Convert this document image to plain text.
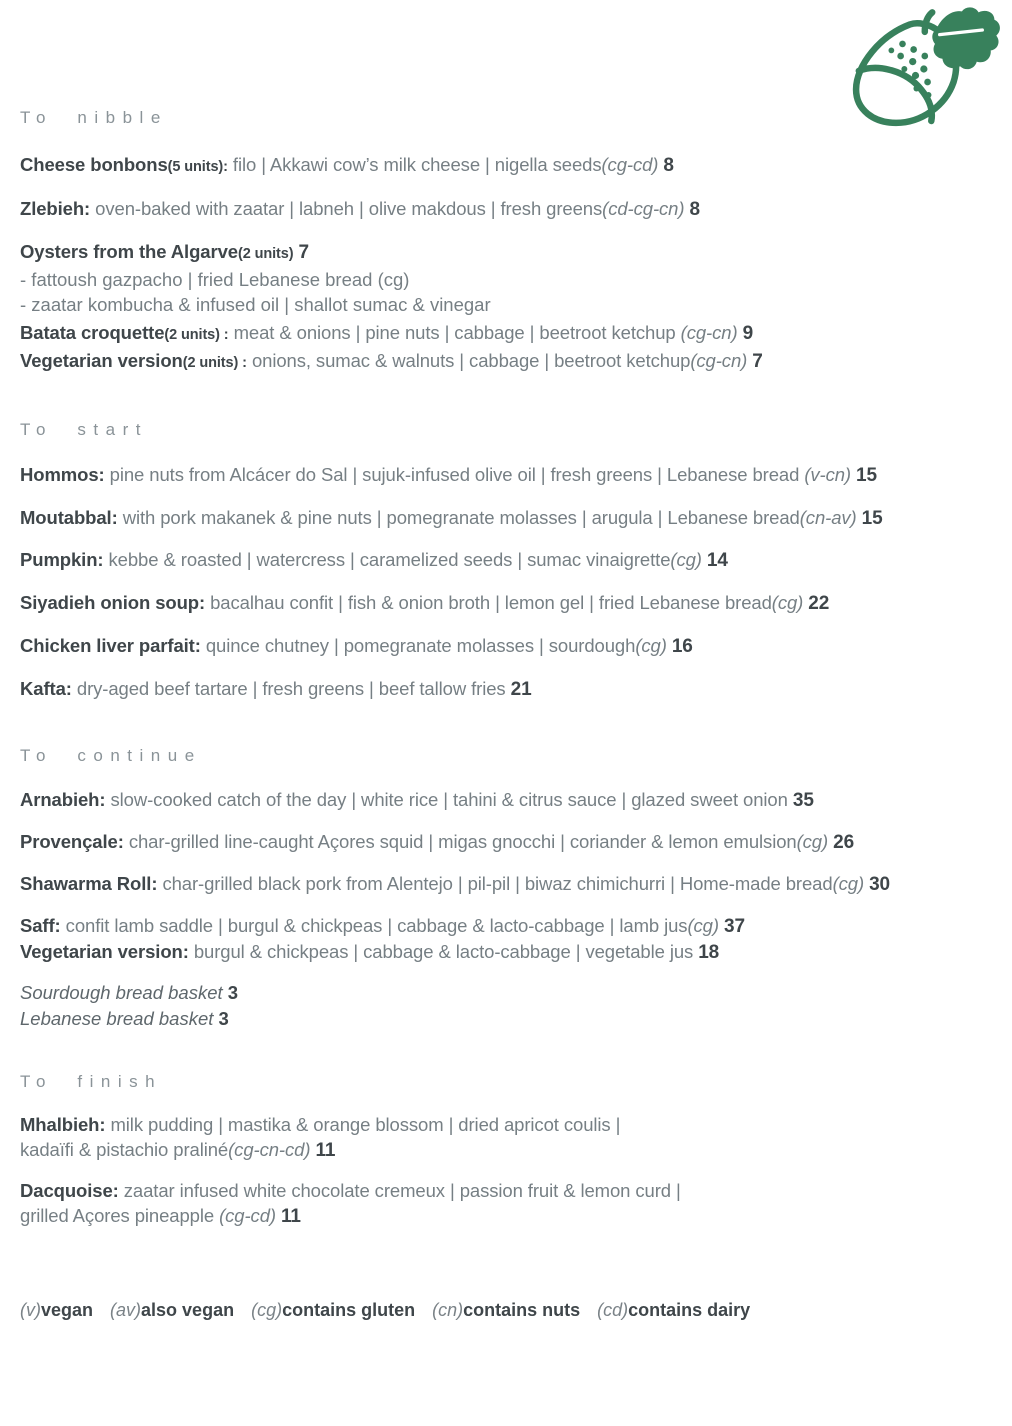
To  nibble
Cheese bonbons(5 units): filo | Akkawi cow’s milk cheese | nigella seeds(cg-cd) 8
Zlebieh: oven-baked with zaatar | labneh | olive makdous | fresh greens(cd-cg-cn) 8
Oysters from the Algarve(2 units) 7
- fattoush gazpacho | fried Lebanese bread (cg)
- zaatar kombucha & infused oil | shallot sumac & vinegar
Batata croquette(2 units) : meat & onions | pine nuts | cabbage | beetroot ketchup (cg-cn) 9
Vegetarian version(2 units) : onions, sumac & walnuts | cabbage | beetroot ketchup(cg-cn) 7
To  start
Hommos: pine nuts from Alcácer do Sal | sujuk-infused olive oil | fresh greens | Lebanese bread (v-cn) 15
Moutabbal: with pork makanek & pine nuts | pomegranate molasses | arugula | Lebanese bread(cn-av) 15
Pumpkin: kebbe & roasted | watercress | caramelized seeds | sumac vinaigrette(cg) 14
Siyadieh onion soup: bacalhau confit | fish & onion broth | lemon gel | fried Lebanese bread(cg) 22
Chicken liver parfait: quince chutney | pomegranate molasses | sourdough(cg) 16
Kafta: dry-aged beef tartare | fresh greens | beef tallow fries 21
To  continue
Arnabieh: slow-cooked catch of the day | white rice | tahini & citrus sauce | glazed sweet onion 35
Provençale: char-grilled line-caught Açores squid | migas gnocchi | coriander & lemon emulsion(cg) 26
Shawarma Roll: char-grilled black pork from Alentejo | pil-pil | biwaz chimichurri | Home-made bread(cg) 30
Saff: confit lamb saddle | burgul & chickpeas | cabbage & lacto-cabbage | lamb jus(cg) 37
Vegetarian version: burgul & chickpeas | cabbage & lacto-cabbage | vegetable jus 18
Sourdough bread basket 3
Lebanese bread basket 3
To  finish
Mhalbieh: milk pudding | mastika & orange blossom | dried apricot coulis |
kadaïfi & pistachio praliné(cg-cn-cd) 11
Dacquoise: zaatar infused white chocolate cremeux | passion fruit & lemon curd |
grilled Açores pineapple (cg-cd) 11
(v)vegan (av)also vegan (cg)contains gluten (cn)contains nuts (cd)contains dairy
